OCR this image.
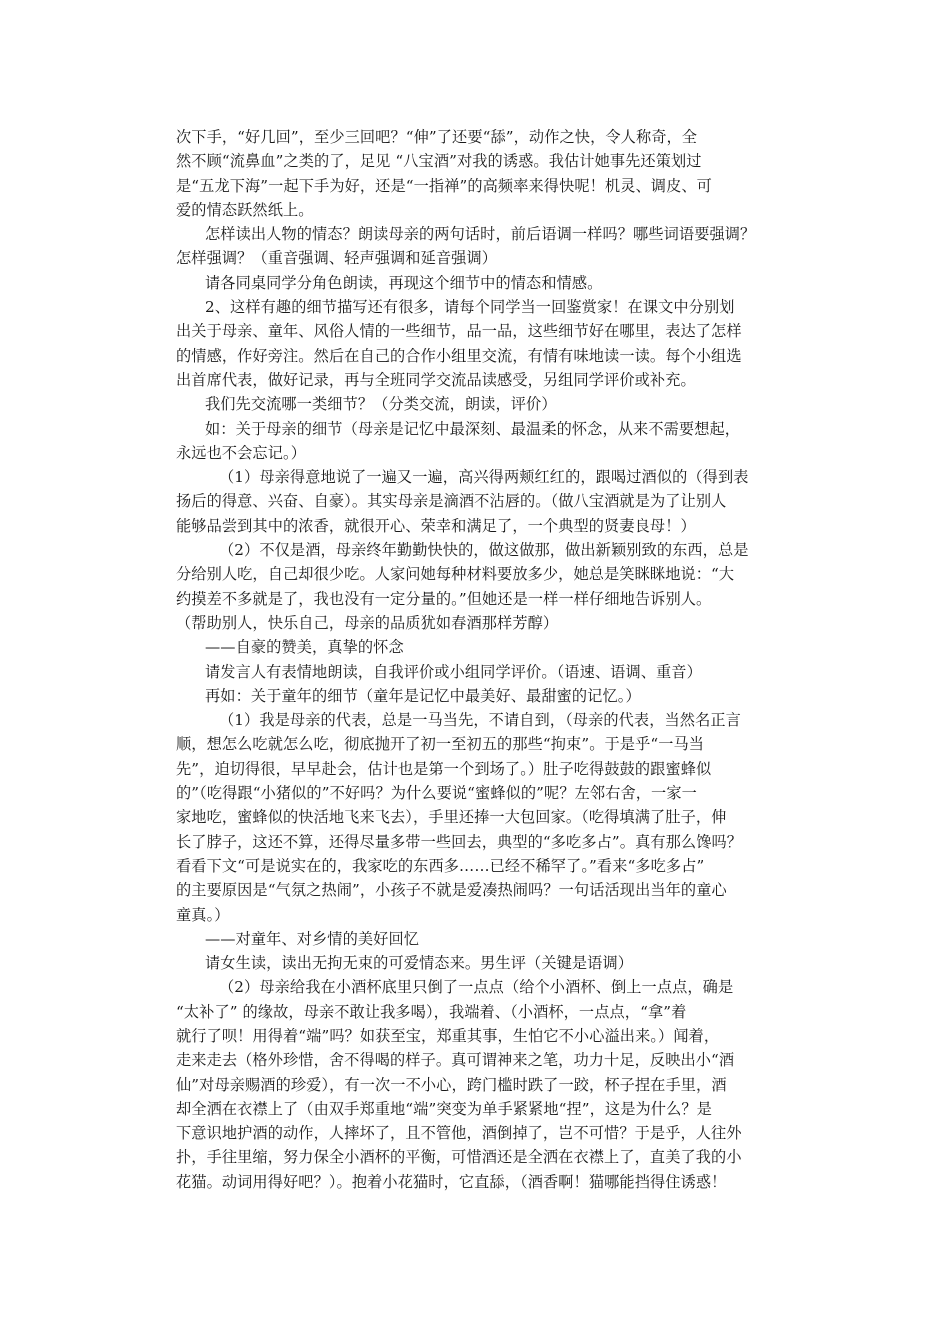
次下手，“好几回”，至少三回吧？“伸”了还要“舔”，动作之快，令人称奇，全
然不顾“流鼻血”之类的了，足见 “八宝酒”对我的诱惑。我估计她事先还策划过
是“五龙下海”一起下手为好，还是“一指禅”的高频率来得快呢！机灵、调皮、可
爱的情态跃然纸上。
怎样读出人物的情态？朗读母亲的两句话时，前后语调一样吗？哪些词语要强调？
怎样强调？（重音强调、轻声强调和延音强调）
请各同桌同学分角色朗读，再现这个细节中的情态和情感。
2、这样有趣的细节描写还有很多，请每个同学当一回鉴赏家！在课文中分别划
出关于母亲、童年、风俗人情的一些细节，品一品，这些细节好在哪里，表达了怎样
的情感，作好旁注。然后在自己的合作小组里交流，有情有味地读一读。每个小组选
出首席代表，做好记录，再与全班同学交流品读感受，另组同学评价或补充。
我们先交流哪一类细节？（分类交流，朗读，评价）
如：关于母亲的细节（母亲是记忆中最深刻、最温柔的怀念，从来不需要想起，
永远也不会忘记。）
（1）母亲得意地说了一遍又一遍，高兴得两颊红红的，跟喝过酒似的（得到表
扬后的得意、兴奋、自豪）。其实母亲是滴酒不沾唇的。（做八宝酒就是为了让别人
能够品尝到其中的浓香，就很开心、荣幸和满足了，一个典型的贤妻良母！）
（2）不仅是酒，母亲终年勤勤快快的，做这做那，做出新颖别致的东西，总是
分给别人吃，自己却很少吃。人家问她每种材料要放多少，她总是笑眯眯地说：“大
约摸差不多就是了，我也没有一定分量的。”但她还是一样一样仔细地告诉别人。
（帮助别人，快乐自己，母亲的品质犹如春酒那样芳醇）
——自豪的赞美，真挚的怀念
请发言人有表情地朗读，自我评价或小组同学评价。（语速、语调、重音）
再如：关于童年的细节（童年是记忆中最美好、最甜蜜的记忆。）
（1）我是母亲的代表，总是一马当先，不请自到，（母亲的代表，当然名正言
顺，想怎么吃就怎么吃，彻底抛开了初一至初五的那些“拘束”。于是乎“一马当
先”，迫切得很，早早赴会，估计也是第一个到场了。）肚子吃得鼓鼓的跟蜜蜂似
的”（吃得跟“小猪似的”不好吗？为什么要说“蜜蜂似的”呢？左邻右舍，一家一
家地吃，蜜蜂似的快活地飞来飞去），手里还捧一大包回家。（吃得填满了肚子，伸
长了脖子，这还不算，还得尽量多带一些回去，典型的“多吃多占”。真有那么馋吗？
看看下文“可是说实在的，我家吃的东西多……已经不稀罕了。”看来“多吃多占”
的主要原因是“气氛之热闹”，小孩子不就是爱凑热闹吗？一句话活现出当年的童心
童真。）
——对童年、对乡情的美好回忆
请女生读，读出无拘无束的可爱情态来。男生评（关键是语调）
（2）母亲给我在小酒杯底里只倒了一点点（给个小酒杯、倒上一点点，确是
“太补了” 的缘故，母亲不敢让我多喝），我端着、（小酒杯，一点点，“拿”着
就行了呗！用得着“端”吗？如获至宝，郑重其事，生怕它不小心溢出来。）闻着，
走来走去（格外珍惜，舍不得喝的样子。真可谓神来之笔，功力十足，反映出小“酒
仙”对母亲赐酒的珍爱），有一次一不小心，跨门槛时跌了一跤，杯子捏在手里，酒
却全洒在衣襟上了（由双手郑重地“端”突变为单手紧紧地“捏”，这是为什么？是
下意识地护酒的动作，人摔坏了，且不管他，酒倒掉了，岂不可惜？于是乎，人往外
扑，手往里缩，努力保全小酒杯的平衡，可惜酒还是全洒在衣襟上了，直美了我的小
花猫。动词用得好吧？）。抱着小花猫时，它直舔，（酒香啊！猫哪能挡得住诱惑！
